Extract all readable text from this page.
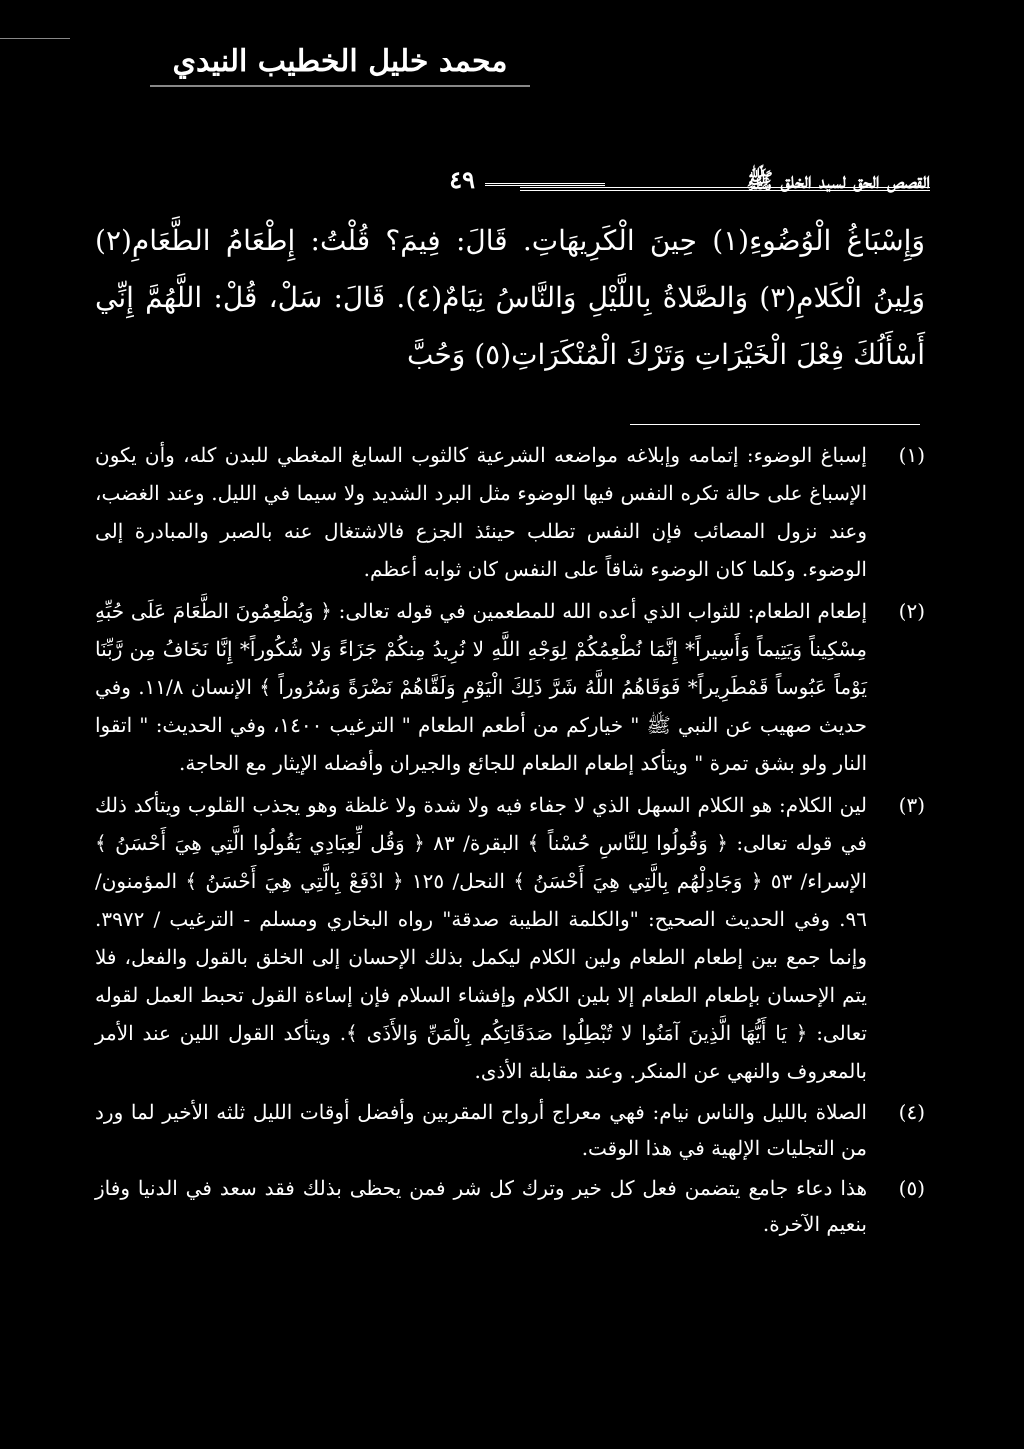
محمد خليل الخطيب النيدي
القصص الحق لسيد الخلق ﷺ
٤٩
وَإِسْبَاغُ الْوُضُوءِ(١) حِينَ الْكَرِيهَاتِ. قَالَ: فِيمَ؟ قُلْتُ: إِطْعَامُ الطَّعَامِ(٢) وَلِينُ الْكَلامِ(٣) وَالصَّلاةُ بِاللَّيْلِ وَالنَّاسُ نِيَامٌ(٤). قَالَ: سَلْ، قُلْ: اللَّهُمَّ إِنِّي أَسْأَلُكَ فِعْلَ الْخَيْرَاتِ وَتَرْكَ الْمُنْكَرَاتِ(٥) وَحُبَّ
(١)
إسباغ الوضوء: إتمامه وإبلاغه مواضعه الشرعية كالثوب السابغ المغطي للبدن كله، وأن يكون الإسباغ على حالة تكره النفس فيها الوضوء مثل البرد الشديد ولا سيما في الليل. وعند الغضب، وعند نزول المصائب فإن النفس تطلب حينئذ الجزع فالاشتغال عنه بالصبر والمبادرة إلى الوضوء. وكلما كان الوضوء شاقاً على النفس كان ثوابه أعظم.
(٢)
إطعام الطعام: للثواب الذي أعده الله للمطعمين في قوله تعالى: ﴿ وَيُطْعِمُونَ الطَّعَامَ عَلَى حُبِّهِ مِسْكِيناً وَيَتِيماً وَأَسِيراً* إِنَّمَا نُطْعِمُكُمْ لِوَجْهِ اللَّهِ لا نُرِيدُ مِنكُمْ جَزَاءً وَلا شُكُوراً* إِنَّا نَخَافُ مِن رَّبِّنَا يَوْماً عَبُوساً قَمْطَرِيراً* فَوَقَاهُمُ اللَّهُ شَرَّ ذَلِكَ الْيَوْمِ وَلَقَّاهُمْ نَضْرَةً وَسُرُوراً ﴾ الإنسان ١١/٨. وفي حديث صهيب عن النبي ﷺ " خياركم من أطعم الطعام " الترغيب ١٤٠٠، وفي الحديث: " اتقوا النار ولو بشق تمرة " ويتأكد إطعام الطعام للجائع والجيران وأفضله الإيثار مع الحاجة.
(٣)
لين الكلام: هو الكلام السهل الذي لا جفاء فيه ولا شدة ولا غلظة وهو يجذب القلوب ويتأكد ذلك في قوله تعالى: ﴿ وَقُولُوا لِلنَّاسِ حُسْناً ﴾ البقرة/ ٨٣ ﴿ وَقُل لِّعِبَادِي يَقُولُوا الَّتِي هِيَ أَحْسَنُ ﴾ الإسراء/ ٥٣ ﴿ وَجَادِلْهُم بِالَّتِي هِيَ أَحْسَنُ ﴾ النحل/ ١٢٥ ﴿ ادْفَعْ بِالَّتِي هِيَ أَحْسَنُ ﴾ المؤمنون/ ٩٦. وفي الحديث الصحيح: "والكلمة الطيبة صدقة" رواه البخاري ومسلم - الترغيب / ٣٩٧٢. وإنما جمع بين إطعام الطعام ولين الكلام ليكمل بذلك الإحسان إلى الخلق بالقول والفعل، فلا يتم الإحسان بإطعام الطعام إلا بلين الكلام وإفشاء السلام فإن إساءة القول تحبط العمل لقوله تعالى: ﴿ يَا أَيُّهَا الَّذِينَ آمَنُوا لا تُبْطِلُوا صَدَقَاتِكُم بِالْمَنِّ وَالأَذَى ﴾. ويتأكد القول اللين عند الأمر بالمعروف والنهي عن المنكر. وعند مقابلة الأذى.
(٤)
الصلاة بالليل والناس نيام: فهي معراج أرواح المقربين وأفضل أوقات الليل ثلثه الأخير لما ورد من التجليات الإلهية في هذا الوقت.
(٥)
هذا دعاء جامع يتضمن فعل كل خير وترك كل شر فمن يحظى بذلك فقد سعد في الدنيا وفاز بنعيم الآخرة.
